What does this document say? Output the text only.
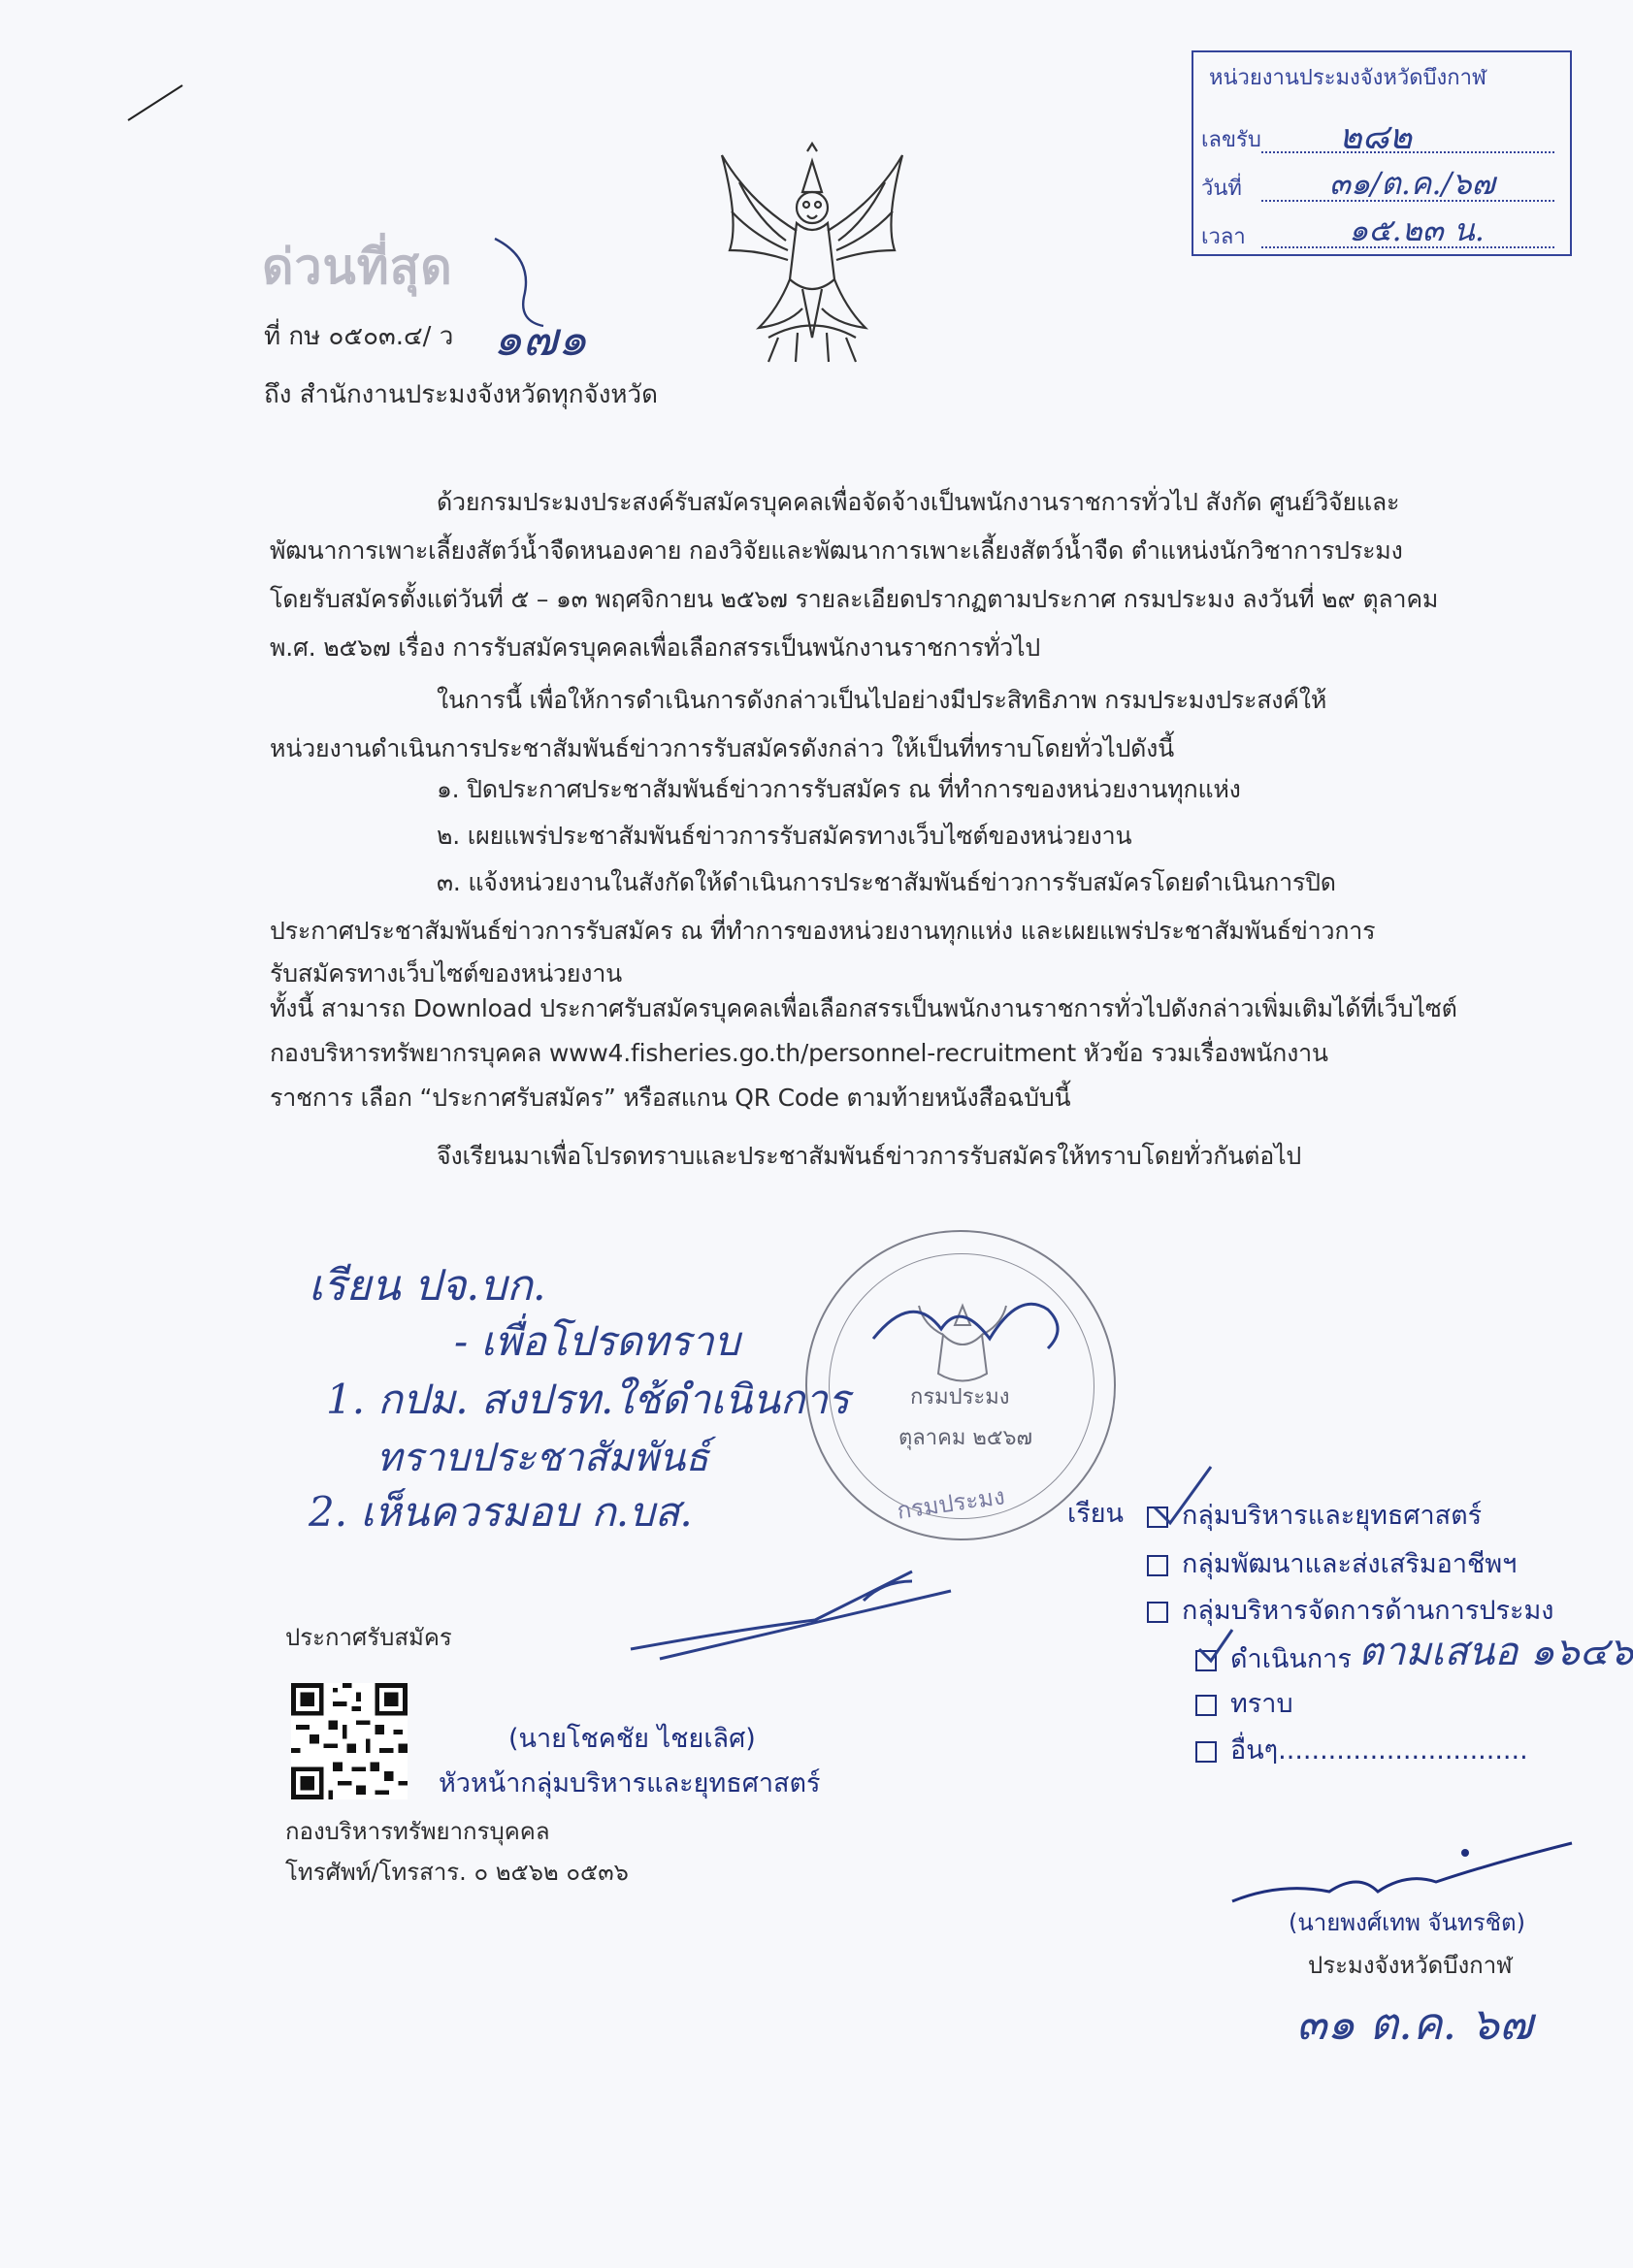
หน่วยงานประมงจังหวัดบึงกาฬ
เลขรับ ๒๘๒
วันที่	๓๑/ต.ค./๖๗
เวลา	๑๕.๒๓ น.
ด่วนที่สุด
ที่ กษ ๐๕๐๓.๔/ ว ๑๗๑
ถึง สำนักงานประมงจังหวัดทุกจังหวัด
ด้วยกรมประมงประสงค์รับสมัครบุคคลเพื่อจัดจ้างเป็นพนักงานราชการทั่วไป สังกัด ศูนย์วิจัยและ
พัฒนาการเพาะเลี้ยงสัตว์น้ำจืดหนองคาย กองวิจัยและพัฒนาการเพาะเลี้ยงสัตว์น้ำจืด ตำแหน่งนักวิชาการประมง
โดยรับสมัครตั้งแต่วันที่ ๕ – ๑๓ พฤศจิกายน ๒๕๖๗ รายละเอียดปรากฏตามประกาศ กรมประมง ลงวันที่ ๒๙ ตุลาคม
พ.ศ. ๒๕๖๗ เรื่อง การรับสมัครบุคคลเพื่อเลือกสรรเป็นพนักงานราชการทั่วไป
ในการนี้ เพื่อให้การดำเนินการดังกล่าวเป็นไปอย่างมีประสิทธิภาพ กรมประมงประสงค์ให้
หน่วยงานดำเนินการประชาสัมพันธ์ข่าวการรับสมัครดังกล่าว ให้เป็นที่ทราบโดยทั่วไปดังนี้
๑. ปิดประกาศประชาสัมพันธ์ข่าวการรับสมัคร ณ ที่ทำการของหน่วยงานทุกแห่ง
๒. เผยแพร่ประชาสัมพันธ์ข่าวการรับสมัครทางเว็บไซต์ของหน่วยงาน
๓. แจ้งหน่วยงานในสังกัดให้ดำเนินการประชาสัมพันธ์ข่าวการรับสมัครโดยดำเนินการปิด
ประกาศประชาสัมพันธ์ข่าวการรับสมัคร ณ ที่ทำการของหน่วยงานทุกแห่ง และเผยแพร่ประชาสัมพันธ์ข่าวการ
รับสมัครทางเว็บไซต์ของหน่วยงาน
ทั้งนี้ สามารถ Download ประกาศรับสมัครบุคคลเพื่อเลือกสรรเป็นพนักงานราชการทั่วไปดังกล่าวเพิ่มเติมได้ที่เว็บไซต์
กองบริหารทรัพยากรบุคคล www4.fisheries.go.th/personnel-recruitment หัวข้อ รวมเรื่องพนักงาน
ราชการ เลือก “ประกาศรับสมัคร” หรือสแกน QR Code ตามท้ายหนังสือฉบับนี้
จึงเรียนมาเพื่อโปรดทราบและประชาสัมพันธ์ข่าวการรับสมัครให้ทราบโดยทั่วกันต่อไป
กรมประมง
ตุลาคม ๒๕๖๗
กรมประมง
เรียน ปจ.บก.
- เพื่อโปรดทราบ
1. กปม. สงปรท.ใช้ดำเนินการ
ทราบประชาสัมพันธ์
2. เห็นควรมอบ ก.บส.	เรียน	กลุ่มบริหารและยุทธศาสตร์
กลุ่มพัฒนาและส่งเสริมอาชีพฯ
กลุ่มบริหารจัดการด้านการประมง
ดำเนินการ ตามเสนอ ๑๖๔๖
ทราบ
อื่นๆ..............................
ประกาศรับสมัคร
(นายโชคชัย ไชยเลิศ)
หัวหน้ากลุ่มบริหารและยุทธศาสตร์
กองบริหารทรัพยากรบุคคล
โทรศัพท์/โทรสาร. ๐ ๒๕๖๒ ๐๕๓๖
(นายพงศ์เทพ จันทรชิต)
ประมงจังหวัดบึงกาฬ
๓๑ ต.ค. ๖๗
